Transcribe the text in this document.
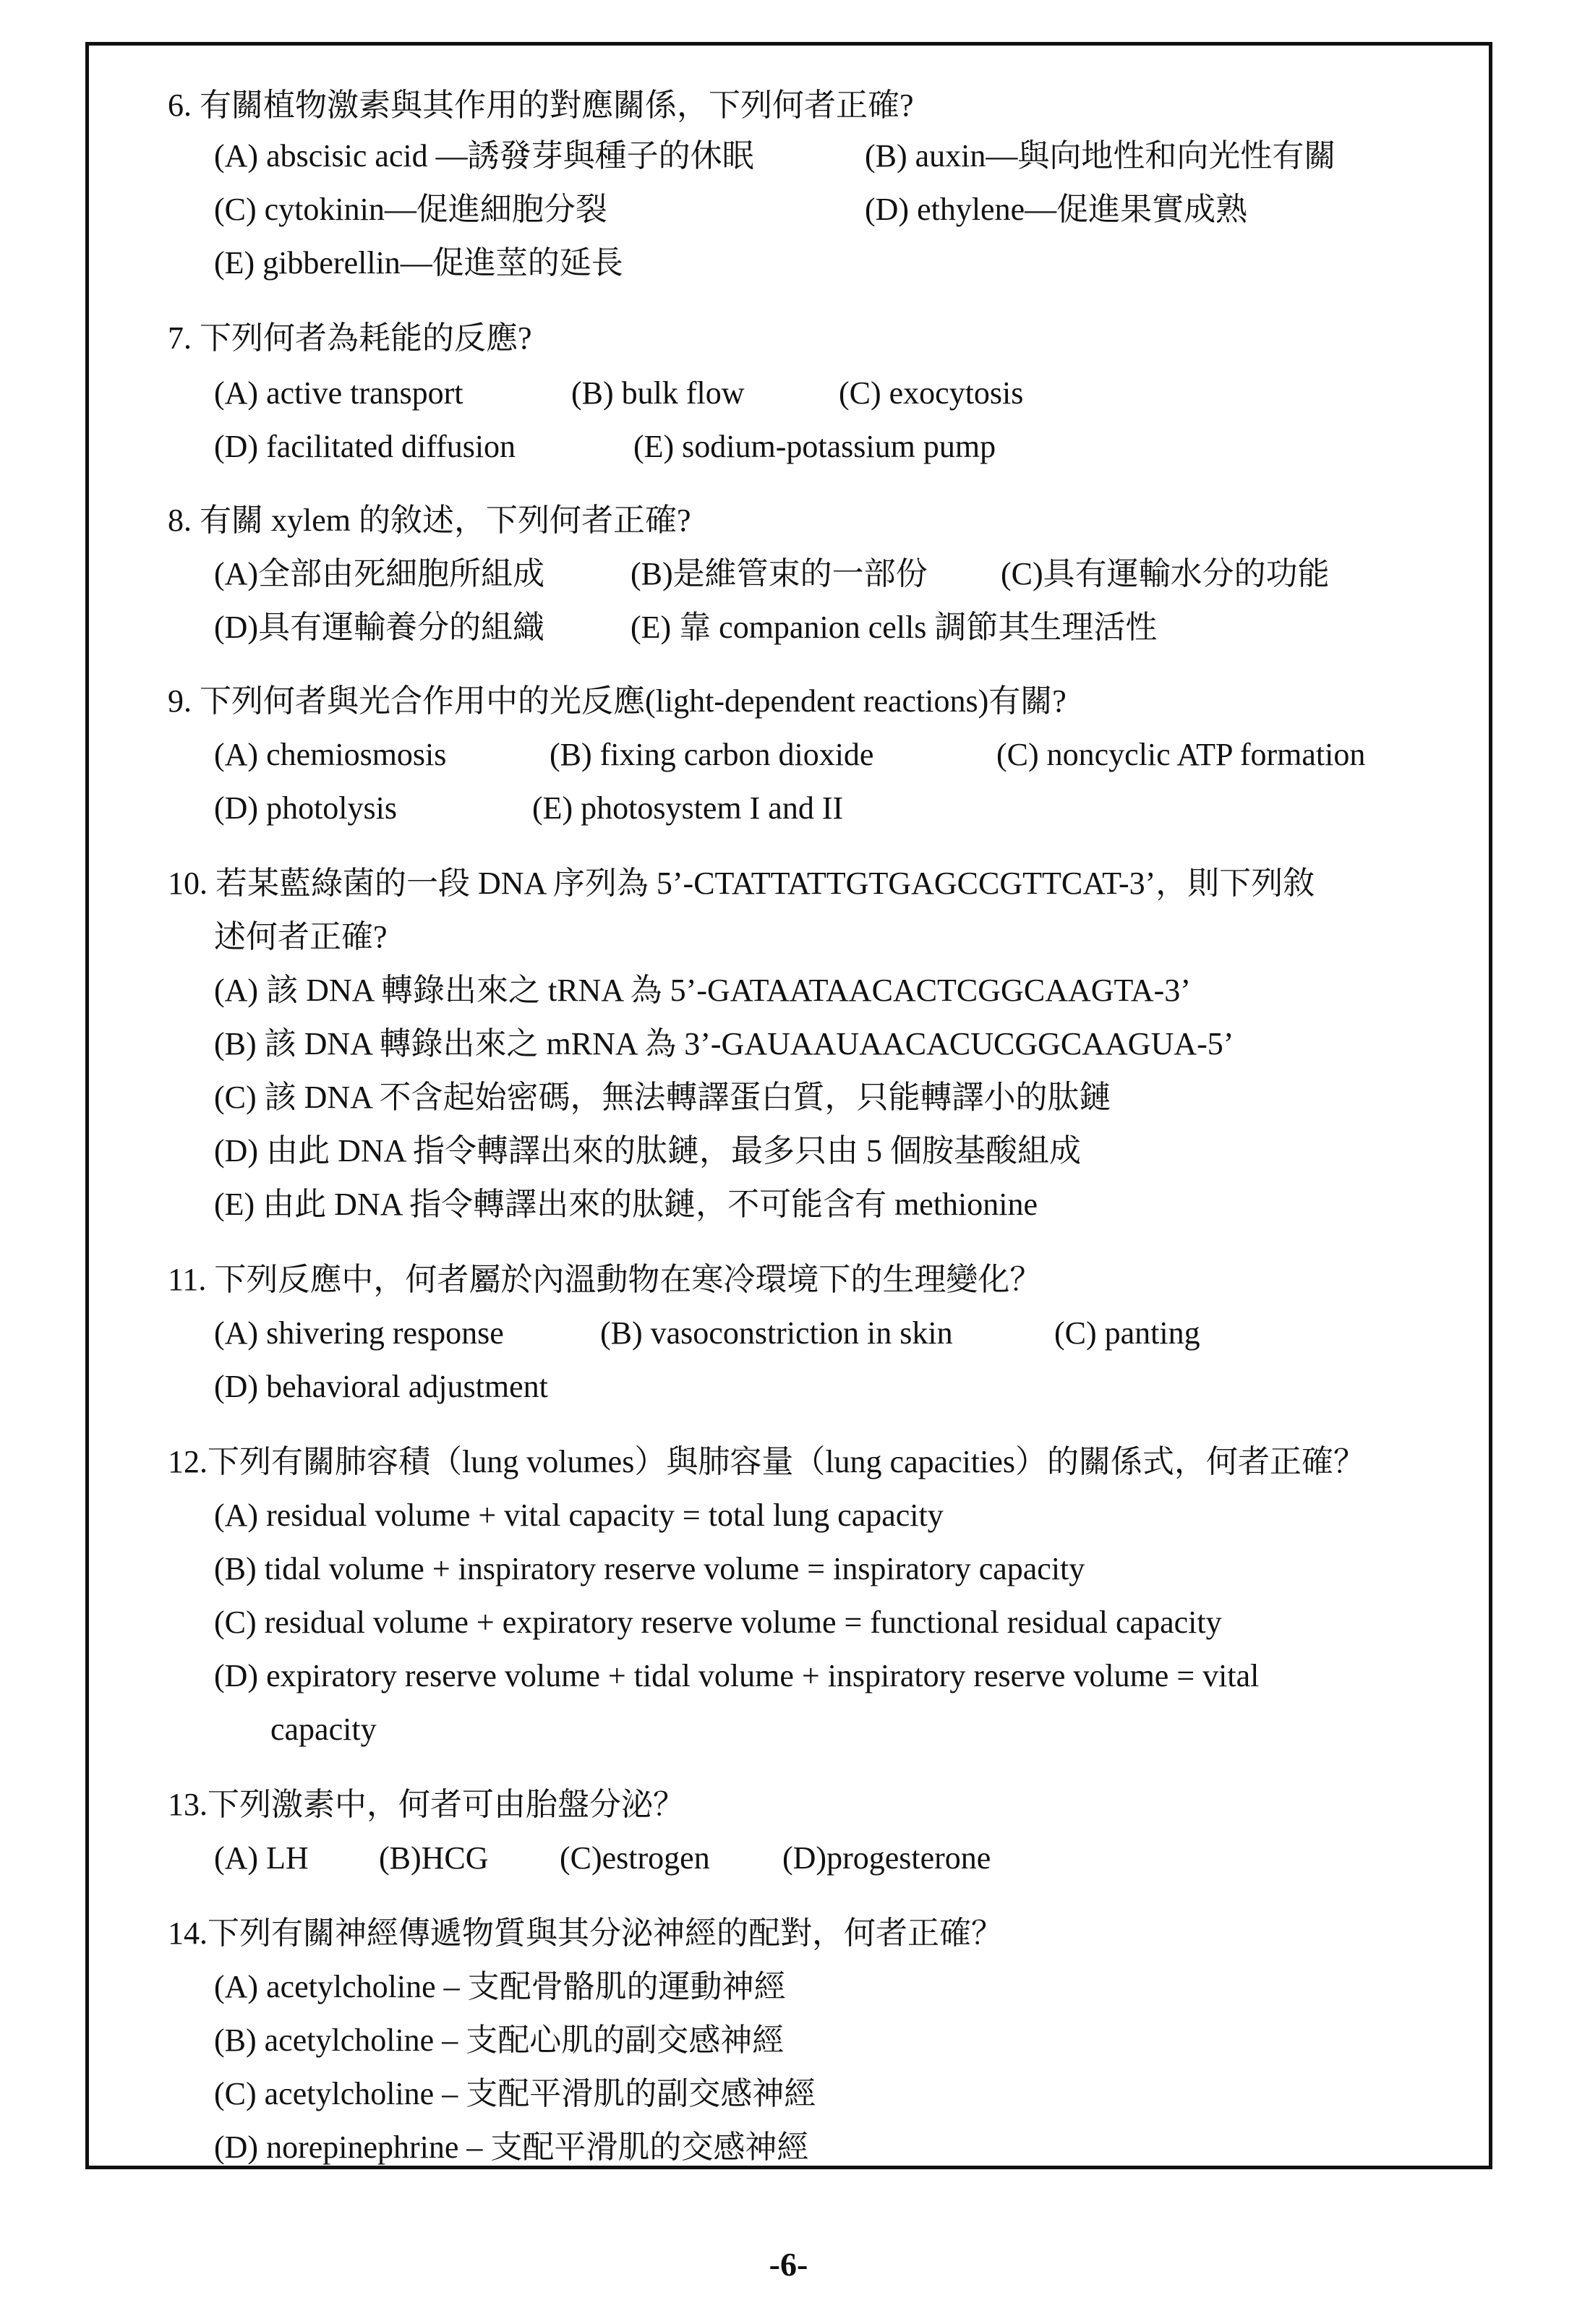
6. 有關植物激素與其作用的對應關係，下列何者正確?
(A) abscisic acid —誘發芽與種子的休眠	(B) auxin—與向地性和向光性有關
(C) cytokinin—促進細胞分裂	(D) ethylene—促進果實成熟
(E) gibberellin—促進莖的延長
7. 下列何者為耗能的反應?
(A) active transport	(B) bulk flow	(C) exocytosis
(D) facilitated diffusion	(E) sodium-potassium pump
8. 有關 xylem 的敘述，下列何者正確?
(A)全部由死細胞所組成	(B)是維管束的一部份 (C)具有運輸水分的功能
(D)具有運輸養分的組織	(E) 靠 companion cells 調節其生理活性
9. 下列何者與光合作用中的光反應(light-dependent reactions)有關?
(A) chemiosmosis	(B) fixing carbon dioxide	(C) noncyclic ATP formation
(D) photolysis	(E) photosystem I and II
10. 若某藍綠菌的一段 DNA 序列為 5’-CTATTATTGTGAGCCGTTCAT-3’，則下列敘
述何者正確?
(A) 該 DNA 轉錄出來之 tRNA 為 5’-GATAATAACACTCGGCAAGTA-3’
(B) 該 DNA 轉錄出來之 mRNA 為 3’-GAUAAUAACACUCGGCAAGUA-5’
(C) 該 DNA 不含起始密碼，無法轉譯蛋白質，只能轉譯小的肽鏈
(D) 由此 DNA 指令轉譯出來的肽鏈，最多只由 5 個胺基酸組成
(E) 由此 DNA 指令轉譯出來的肽鏈，不可能含有 methionine
11. 下列反應中，何者屬於內溫動物在寒冷環境下的生理變化？
(A) shivering response	(B) vasoconstriction in skin	(C) panting
(D) behavioral adjustment
12.下列有關肺容積（lung volumes）與肺容量（lung capacities）的關係式，何者正確？
(A) residual volume + vital capacity = total lung capacity
(B) tidal volume + inspiratory reserve volume = inspiratory capacity
(C) residual volume + expiratory reserve volume = functional residual capacity
(D) expiratory reserve volume + tidal volume + inspiratory reserve volume = vital
capacity
13.下列激素中，何者可由胎盤分泌？
(A) LH (B)HCG (C)estrogen (D)progesterone
14.下列有關神經傳遞物質與其分泌神經的配對，何者正確？
(A) acetylcholine – 支配骨骼肌的運動神經
(B) acetylcholine – 支配心肌的副交感神經
(C) acetylcholine – 支配平滑肌的副交感神經
(D) norepinephrine – 支配平滑肌的交感神經
-6-
